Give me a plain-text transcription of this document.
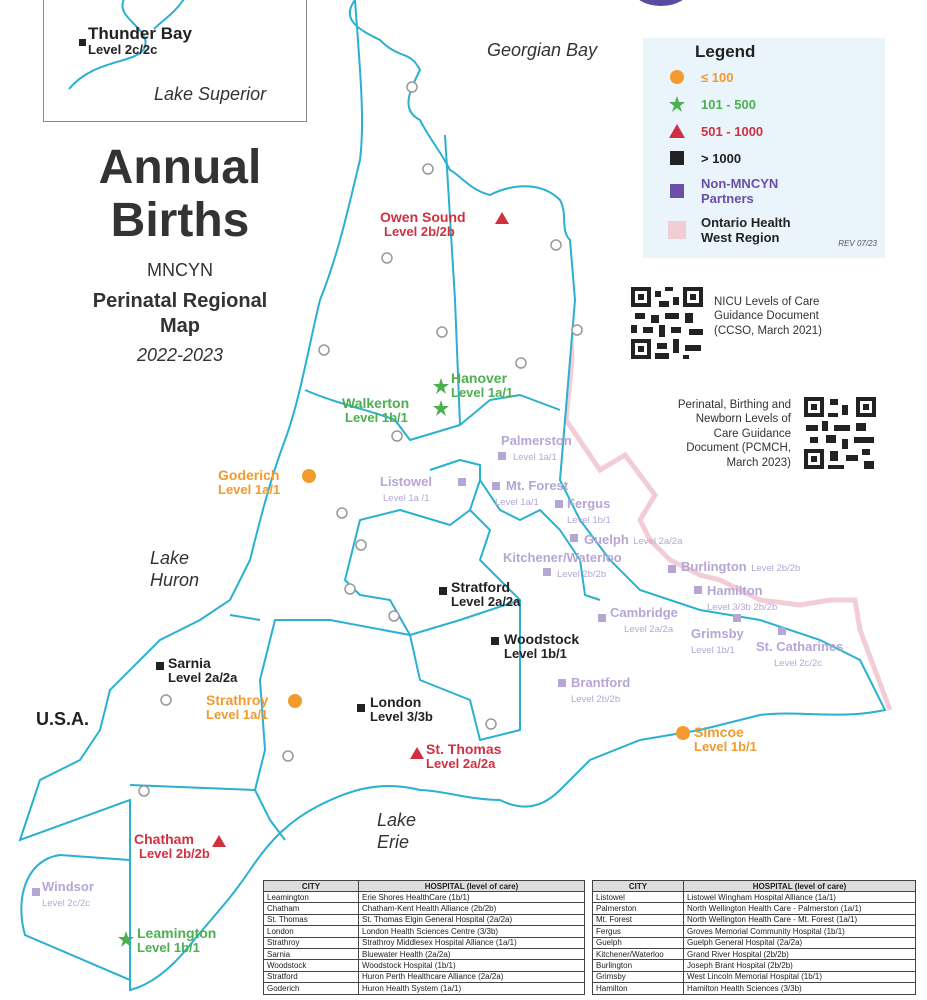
Thunder Bay
Level 2c/2c
Lake Superior
Annual
Births
MNCYN
Perinatal Regional
Map
2022-2023
Georgian Bay
Lake
Huron
Lake
Erie
U.S.A.
Legend
≤ 100
101 - 500
501 - 1000
> 1000
Non-MNCYN
Partners
Ontario Health
West Region	REV 07/23
NICU Levels of Care
Guidance Document
(CCSO, March 2021)
Perinatal, Birthing and
Newborn Levels of
Care Guidance
Document (PCMCH,
March 2023)
Owen Sound
Level 2b/2b
Hanover
Level 1a/1
Walkerton
Level 1b/1
Goderich
Level 1a/1
Stratford
Level 2a/2a
Woodstock
Level 1b/1
Sarnia
Level 2a/2a
Strathroy
Level 1a/1
London
Level 3/3b
St. Thomas
Level 2a/2a
Chatham
Level 2b/2b
Leamington
Level 1b/1
Simcoe
Level 1b/1
Palmerston
Level 1a/1
Listowel
Level 1a /1
Mt. Forest
Level 1a/1	Fergus
Level 1b/1
Guelph Level 2a/2a
Kitchener/Waterloo
Level 2b/2b
Burlington Level 2b/2b
Hamilton
Level 3/3b 2b/2b
Cambridge
Level 2a/2a	Grimsby
Level 1b/1	St. Catharines
Level 2c/2c
Brantford
Level 2b/2b
Windsor
Level 2c/2c
CITY	HOSPITAL (level of care)
Leamington	Erie Shores HealthCare (1b/1)
Chatham	Chatham-Kent Health Alliance (2b/2b)
St. Thomas	St. Thomas Elgin General Hospital (2a/2a)
London	London Health Sciences Centre (3/3b)
Strathroy	Strathroy Middlesex Hospital Alliance (1a/1)
Sarnia	Bluewater Health (2a/2a)
Woodstock	Woodstock Hospital (1b/1)
Stratford	Huron Perth Healthcare Alliance (2a/2a)
Goderich	Huron Health System (1a/1)
CITY	HOSPITAL (level of care)
Listowel	Listowel Wingham Hospital Alliance (1a/1)
Palmerston	North Wellington Health Care - Palmerston (1a/1)
Mt. Forest	North Wellington Health Care - Mt. Forest (1a/1)
Fergus	Groves Memorial Community Hospital (1b/1)
Guelph	Guelph General Hospital (2a/2a)
Kitchener/Waterloo	Grand River Hospital (2b/2b)
Burlington	Joseph Brant Hospital (2b/2b)
Grimsby	West Lincoln Memorial Hospital (1b/1)
Hamilton	Hamilton Health Sciences (3/3b)
